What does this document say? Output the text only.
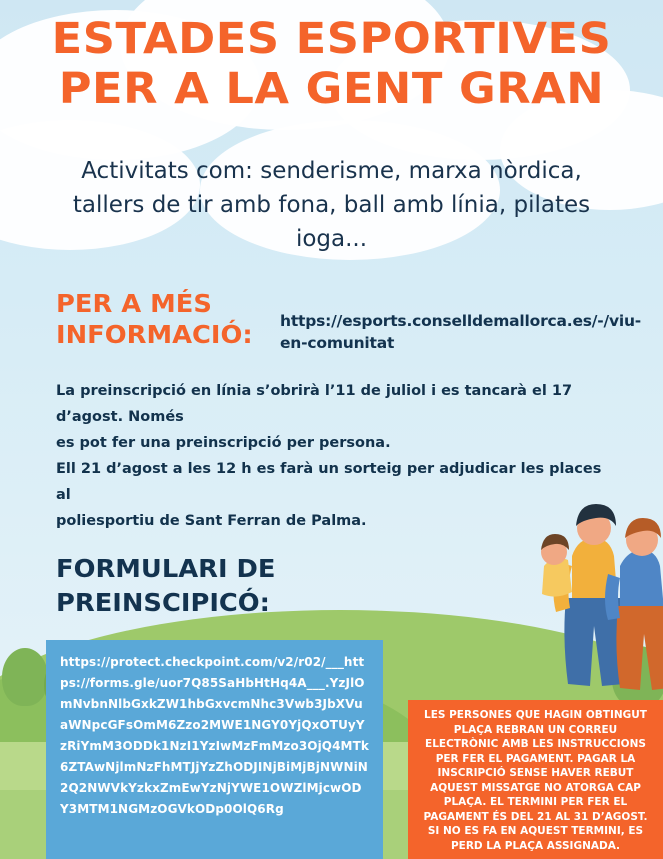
ESTADES ESPORTIVES
PER A LA GENT GRAN
Activitats com: senderisme, marxa nòrdica, tallers de tir amb fona, ball amb línia, pilates ioga...
PER A MÉS INFORMACIÓ:	https://esports.conselldemallorca.es/-/viu-en-comunitat

La preinscripció en línia s’obrirà l’11 de juliol i es tancarà el 17 d’agost. Només

es pot fer una preinscripció per persona.

Ell 21 d’agost a les 12 h es farà un sorteig per adjudicar les places al

poliesportiu de Sant Ferran de Palma.

FORMULARI DE PREINSCIPICÓ:
https://protect.checkpoint.com/v2/r02/___https://forms.gle/uor7Q85SaHbHtHq4A___.YzJlOmNvbnNlbGxkZW1hbGxvcmNhc3Vwb3JbXVuaWNpcGFsOmM6Zzo2MWE1NGY0YjQxOTUyYzRiYmM3ODDk1NzI1YzIwMzFmMzo3OjQ4MTk6ZTAwNjlmNzFhMTJjYzZhODJINjBiMjBjNWNiN2Q2NWVkYzkxZmEwYzNjYWE1OWZlMjcwODY3MTM1NGMzOGVkODp0OlQ6Rg
LES PERSONES QUE HAGIN OBTINGUT PLAÇA REBRAN UN CORREU ELECTRÒNIC AMB LES INSTRUCCIONS PER FER EL PAGAMENT. PAGAR LA INSCRIPCIÓ SENSE HAVER REBUT AQUEST MISSATGE NO ATORGA CAP PLAÇA. EL TERMINI PER FER EL PAGAMENT ÉS DEL 21 AL 31 D’AGOST. SI NO ES FA EN AQUEST TERMINI, ES PERD LA PLAÇA ASSIGNADA.
